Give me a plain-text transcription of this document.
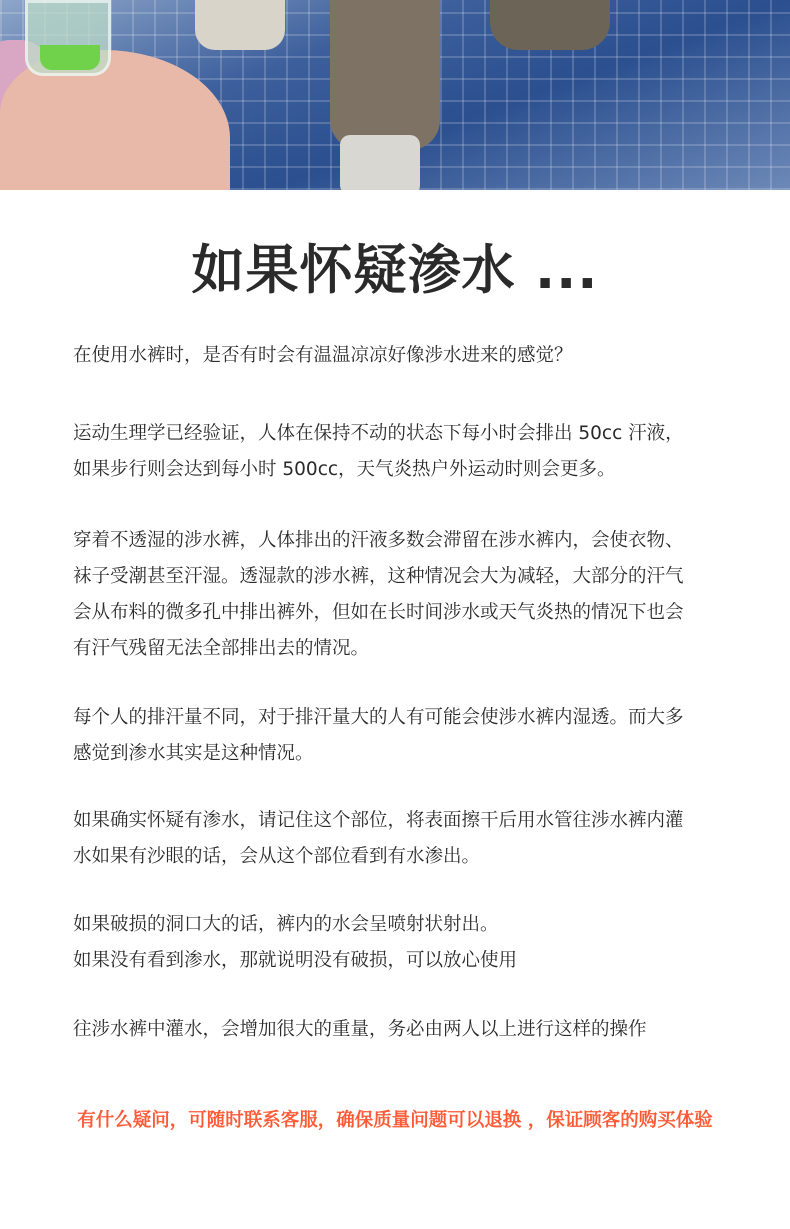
如果怀疑渗水 ...

在使用水裤时，是否有时会有温温凉凉好像涉水进来的感觉？

运动生理学已经验证，人体在保持不动的状态下每小时会排出 50cc 汗液，
如果步行则会达到每小时 500cc，天气炎热户外运动时则会更多。

穿着不透湿的涉水裤，人体排出的汗液多数会滞留在涉水裤内，会使衣物、
袜子受潮甚至汗湿。透湿款的涉水裤，这种情况会大为减轻，大部分的汗气
会从布料的微多孔中排出裤外，但如在长时间涉水或天气炎热的情况下也会
有汗气残留无法全部排出去的情况。

每个人的排汗量不同，对于排汗量大的人有可能会使涉水裤内湿透。而大多
感觉到渗水其实是这种情况。

如果确实怀疑有渗水，请记住这个部位，将表面擦干后用水管往涉水裤内灌
水如果有沙眼的话，会从这个部位看到有水渗出。

如果破损的洞口大的话，裤内的水会呈喷射状射出。
如果没有看到渗水，那就说明没有破损，可以放心使用

往涉水裤中灌水，会增加很大的重量，务必由两人以上进行这样的操作

有什么疑问，可随时联系客服，确保质量问题可以退换 ，保证顾客的购买体验
